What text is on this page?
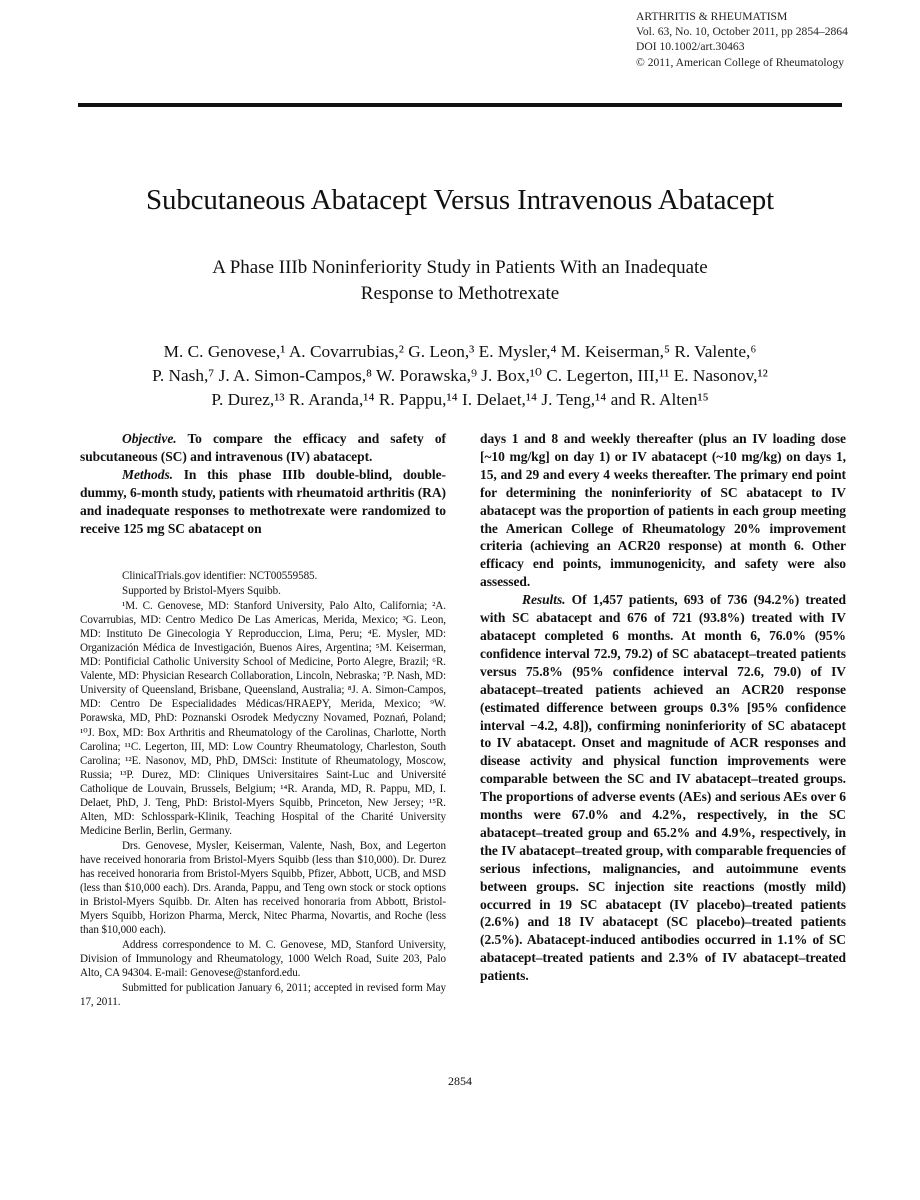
ARTHRITIS & RHEUMATISM
Vol. 63, No. 10, October 2011, pp 2854–2864
DOI 10.1002/art.30463
© 2011, American College of Rheumatology
Subcutaneous Abatacept Versus Intravenous Abatacept
A Phase IIIb Noninferiority Study in Patients With an Inadequate
Response to Methotrexate
M. C. Genovese,¹ A. Covarrubias,² G. Leon,³ E. Mysler,⁴ M. Keiserman,⁵ R. Valente,⁶
P. Nash,⁷ J. A. Simon-Campos,⁸ W. Porawska,⁹ J. Box,¹⁰ C. Legerton, III,¹¹ E. Nasonov,¹²
P. Durez,¹³ R. Aranda,¹⁴ R. Pappu,¹⁴ I. Delaet,¹⁴ J. Teng,¹⁴ and R. Alten¹⁵

Objective. To compare the efficacy and safety of subcutaneous (SC) and intravenous (IV) abatacept.

Methods. In this phase IIIb double-blind, double-dummy, 6-month study, patients with rheumatoid arthritis (RA) and inadequate responses to methotrexate were randomized to receive 125 mg SC abatacept on

ClinicalTrials.gov identifier: NCT00559585.

Supported by Bristol-Myers Squibb.

¹M. C. Genovese, MD: Stanford University, Palo Alto, California; ²A. Covarrubias, MD: Centro Medico De Las Americas, Merida, Mexico; ³G. Leon, MD: Instituto De Ginecologia Y Reproduccion, Lima, Peru; ⁴E. Mysler, MD: Organización Médica de Investigación, Buenos Aires, Argentina; ⁵M. Keiserman, MD: Pontificial Catholic University School of Medicine, Porto Alegre, Brazil; ⁶R. Valente, MD: Physician Research Collaboration, Lincoln, Nebraska; ⁷P. Nash, MD: University of Queensland, Brisbane, Queensland, Australia; ⁸J. A. Simon-Campos, MD: Centro De Especialidades Médicas/HRAEPY, Merida, Mexico; ⁹W. Porawska, MD, PhD: Poznanski Osrodek Medyczny Novamed, Poznań, Poland; ¹⁰J. Box, MD: Box Arthritis and Rheumatology of the Carolinas, Charlotte, North Carolina; ¹¹C. Legerton, III, MD: Low Country Rheumatology, Charleston, South Carolina; ¹²E. Nasonov, MD, PhD, DMSci: Institute of Rheumatology, Moscow, Russia; ¹³P. Durez, MD: Cliniques Universitaires Saint-Luc and Université Catholique de Louvain, Brussels, Belgium; ¹⁴R. Aranda, MD, R. Pappu, MD, I. Delaet, PhD, J. Teng, PhD: Bristol-Myers Squibb, Princeton, New Jersey; ¹⁵R. Alten, MD: Schlosspark-Klinik, Teaching Hospital of the Charité University Medicine Berlin, Berlin, Germany.

Drs. Genovese, Mysler, Keiserman, Valente, Nash, Box, and Legerton have received honoraria from Bristol-Myers Squibb (less than $10,000). Dr. Durez has received honoraria from Bristol-Myers Squibb, Pfizer, Abbott, UCB, and MSD (less than $10,000 each). Drs. Aranda, Pappu, and Teng own stock or stock options in Bristol-Myers Squibb. Dr. Alten has received honoraria from Abbott, Bristol-Myers Squibb, Horizon Pharma, Merck, Nitec Pharma, Novartis, and Roche (less than $10,000 each).

Address correspondence to M. C. Genovese, MD, Stanford University, Division of Immunology and Rheumatology, 1000 Welch Road, Suite 203, Palo Alto, CA 94304. E-mail: Genovese@stanford.edu.

Submitted for publication January 6, 2011; accepted in revised form May 17, 2011.

days 1 and 8 and weekly thereafter (plus an IV loading dose [~10 mg/kg] on day 1) or IV abatacept (~10 mg/kg) on days 1, 15, and 29 and every 4 weeks thereafter. The primary end point for determining the noninferiority of SC abatacept to IV abatacept was the proportion of patients in each group meeting the American College of Rheumatology 20% improvement criteria (achieving an ACR20 response) at month 6. Other efficacy end points, immunogenicity, and safety were also assessed.

Results. Of 1,457 patients, 693 of 736 (94.2%) treated with SC abatacept and 676 of 721 (93.8%) treated with IV abatacept completed 6 months. At month 6, 76.0% (95% confidence interval 72.9, 79.2) of SC abatacept–treated patients versus 75.8% (95% confidence interval 72.6, 79.0) of IV abatacept–treated patients achieved an ACR20 response (estimated difference between groups 0.3% [95% confidence interval −4.2, 4.8]), confirming noninferiority of SC abatacept to IV abatacept. Onset and magnitude of ACR responses and disease activity and physical function improvements were comparable between the SC and IV abatacept–treated groups. The proportions of adverse events (AEs) and serious AEs over 6 months were 67.0% and 4.2%, respectively, in the SC abatacept–treated group and 65.2% and 4.9%, respectively, in the IV abatacept–treated group, with comparable frequencies of serious infections, malignancies, and autoimmune events between groups. SC injection site reactions (mostly mild) occurred in 19 SC abatacept (IV placebo)–treated patients (2.6%) and 18 IV abatacept (SC placebo)–treated patients (2.5%). Abatacept-induced antibodies occurred in 1.1% of SC abatacept–treated patients and 2.3% of IV abatacept–treated patients.

2854
